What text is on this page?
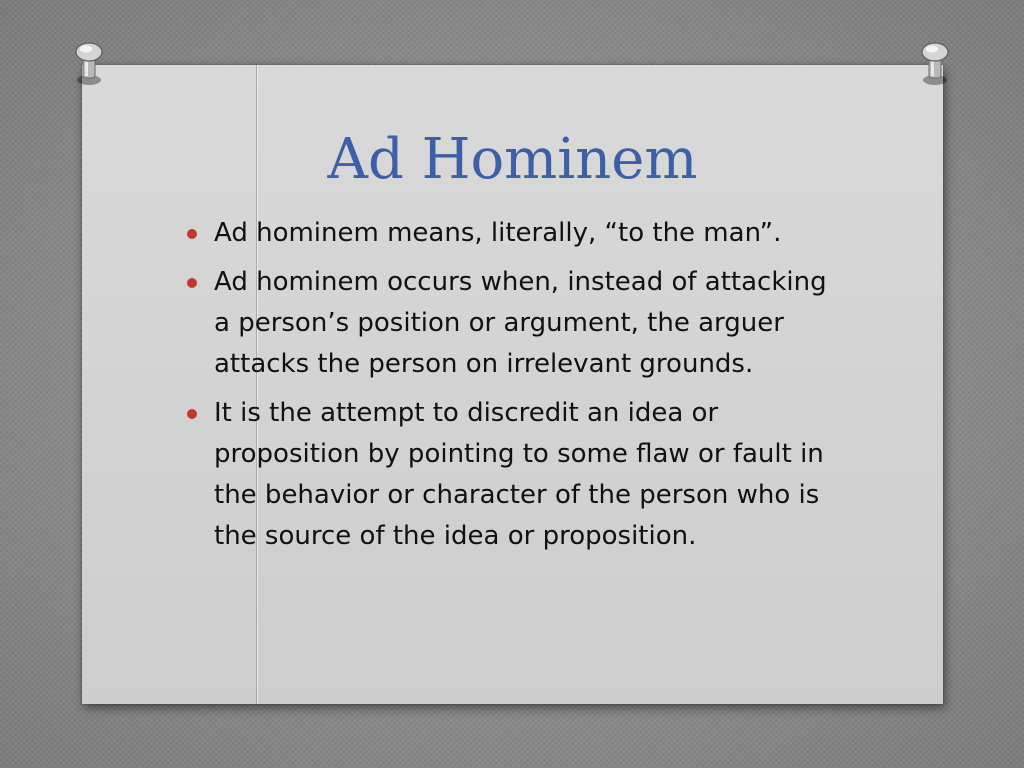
Ad Hominem
Ad hominem means, literally, “to the man”.
Ad hominem occurs when, instead of attacking a person’s position or argument, the arguer attacks the person on irrelevant grounds.
It is the attempt to discredit an idea or proposition by pointing to some flaw or fault in the behavior or character of the person who is the source of the idea or proposition.
